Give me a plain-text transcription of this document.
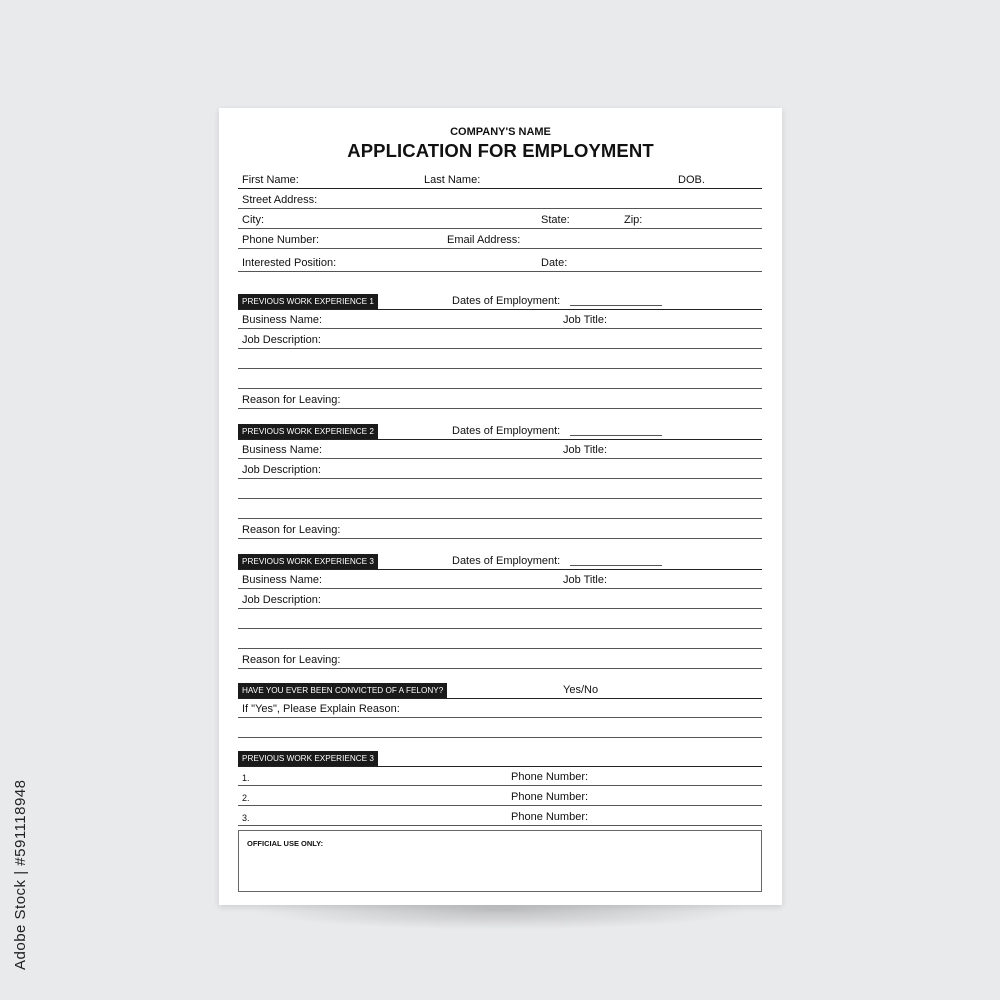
COMPANY'S NAME
APPLICATION FOR EMPLOYMENT
First Name:	Last Name:	DOB.
Street Address:
City:	State:	Zip:
Phone Number:	Email Address:
Interested Position:	Date:
PREVIOUS WORK EXPERIENCE 1	Dates of Employment:
Business Name:	Job Title:
Job Description:
Reason for Leaving:
PREVIOUS WORK EXPERIENCE 2	Dates of Employment:
Business Name:	Job Title:
Job Description:
Reason for Leaving:
PREVIOUS WORK EXPERIENCE 3	Dates of Employment:
Business Name:	Job Title:
Job Description:
Reason for Leaving:
HAVE YOU EVER BEEN CONVICTED OF A FELONY?	Yes/No
If "Yes", Please Explain Reason:
PREVIOUS WORK EXPERIENCE 3
1.	Phone Number:
2.	Phone Number:
3.	Phone Number:
OFFICIAL USE ONLY:
Adobe Stock | #591118948
